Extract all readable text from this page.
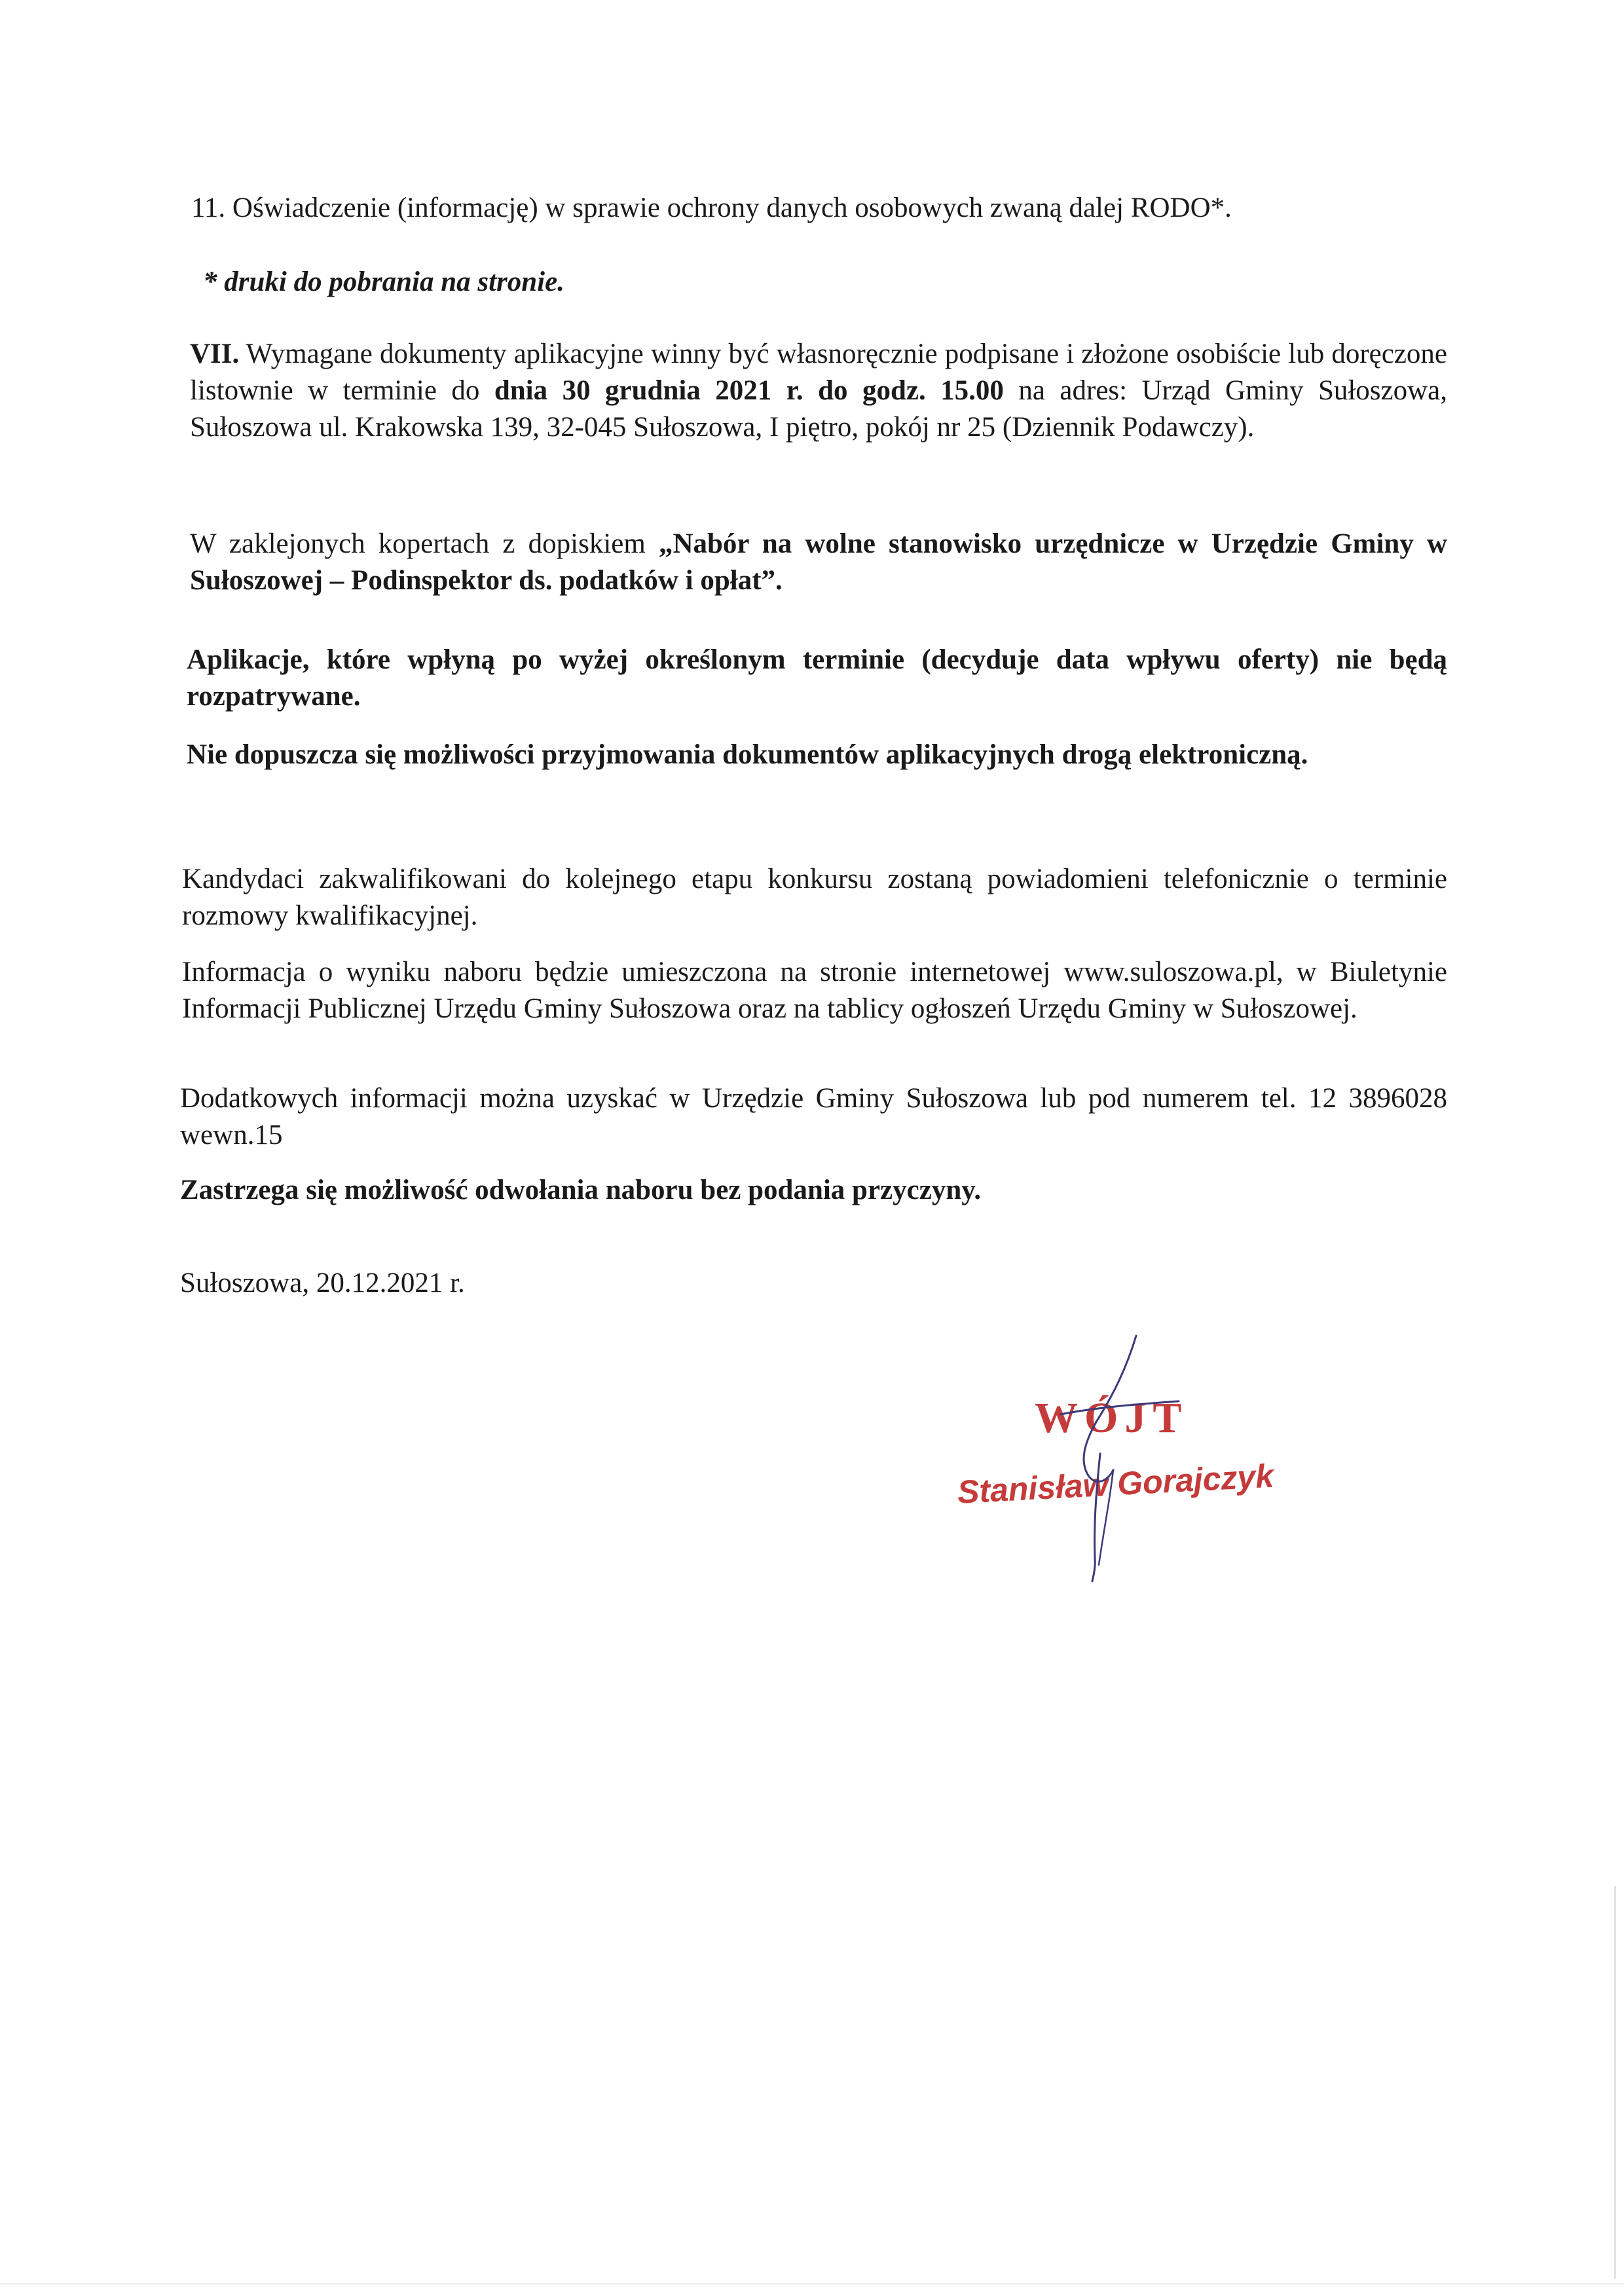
11. Oświadczenie (informację) w sprawie ochrony danych osobowych zwaną dalej RODO*.

* druki do pobrania na stronie.

VII. Wymagane dokumenty aplikacyjne winny być własnoręcznie podpisane i złożone osobiście lub doręczone listownie w terminie do dnia 30 grudnia 2021 r. do godz. 15.00 na adres: Urząd Gminy Sułoszowa, Sułoszowa ul. Krakowska 139, 32-045 Sułoszowa, I piętro, pokój nr 25 (Dziennik Podawczy).

W zaklejonych kopertach z dopiskiem „Nabór na wolne stanowisko urzędnicze w Urzędzie Gminy w Sułoszowej – Podinspektor ds. podatków i opłat”.

Aplikacje, które wpłyną po wyżej określonym terminie (decyduje data wpływu oferty) nie będą rozpatrywane.

Nie dopuszcza się możliwości przyjmowania dokumentów aplikacyjnych drogą elektroniczną.

Kandydaci zakwalifikowani do kolejnego etapu konkursu zostaną powiadomieni telefonicznie o terminie rozmowy kwalifikacyjnej.

Informacja o wyniku naboru będzie umieszczona na stronie internetowej www.suloszowa.pl, w Biuletynie Informacji Publicznej Urzędu Gminy Sułoszowa oraz na tablicy ogłoszeń Urzędu Gminy w Sułoszowej.

Dodatkowych informacji można uzyskać w Urzędzie Gminy Sułoszowa lub pod numerem tel. 12 3896028 wewn.15

Zastrzega się możliwość odwołania naboru bez podania przyczyny.

Sułoszowa, 20.12.2021 r.

WÓJT
Stanisław Gorajczyk
